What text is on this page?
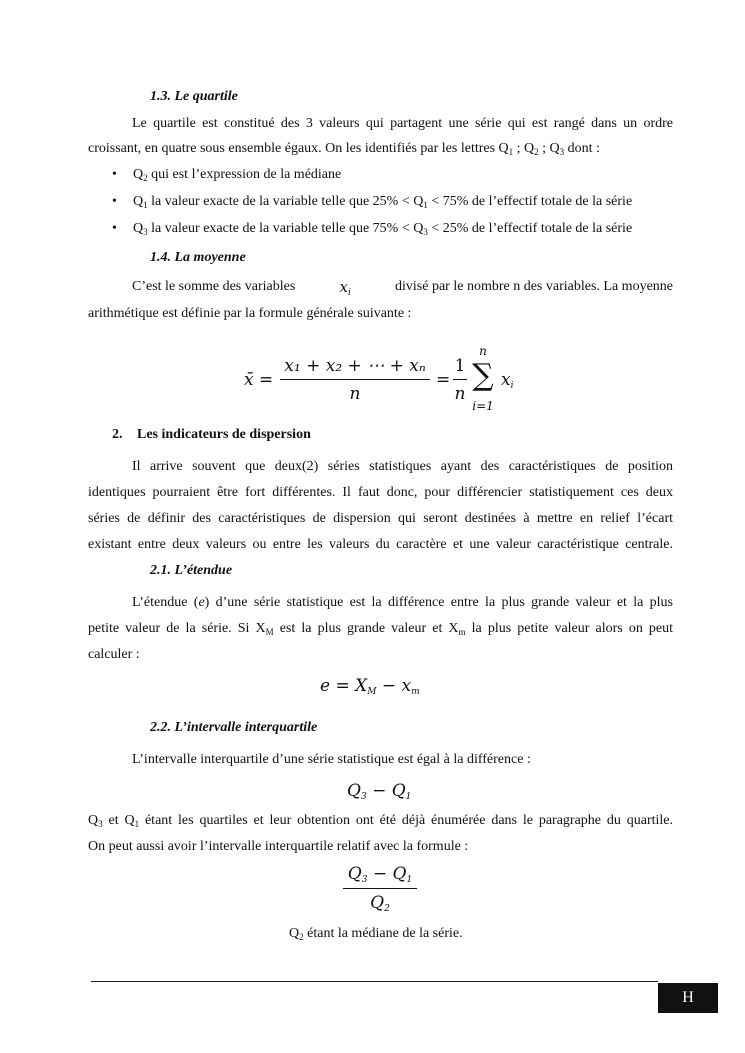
1.3. Le quartile
Le quartile est constitué des 3 valeurs qui partagent une série qui est rangé dans un ordre
croissant, en quatre sous ensemble égaux. On les identifiés par les lettres $Q_1$ ; $Q_2$ ; $Q_3$ dont :
• $Q_2$ qui est l’expression de la médiane
• $Q_1$ la valeur exacte de la variable telle que 25% ˂ $Q_1 < 75\%$ de l’effectif totale de la série
• $Q_3$ la valeur exacte de la variable telle que 75% ˂ $Q_3 < 25\%$ de l’effectif totale de la série
1.4. La moyenne
C’est le somme des variables	$x_i$	divisé par le nombre n des variables. La moyenne
arithmétique est définie par la formule générale suivante :
x̄ =
x₁ + x₂ + ⋯ + xₙ
n
=
1
n
n
∑
i=1
$x_i$
2. Les indicateurs de dispersion
Il arrive souvent que deux(2) séries statistiques ayant des caractéristiques de position
identiques pourraient être fort différentes. Il faut donc, pour différencier statistiquement ces deux
séries de définir des caractéristiques de dispersion qui seront destinées à mettre en relief l’écart
existant entre deux valeurs ou entre les valeurs du caractère et une valeur caractéristique centrale.
2.1. L’étendue
L’étendue (e) d’une série statistique est la différence entre la plus grande valeur et la plus
petite valeur de la série. Si $X_M$ est la plus grande valeur et $X_m$ la plus petite valeur alors on peut
calculer :
$e = X_M - x_m$
2.2. L’intervalle interquartile
L’intervalle interquartile d’une série statistique est égal à la différence :
$Q_3 - Q_1$
$Q_3$ et $Q_1$ étant les quartiles et leur obtention ont été déjà énumérée dans le paragraphe du quartile.
On peut aussi avoir l’intervalle interquartile relatif avec la formule :
$Q_3 - Q_1$
$Q_2$
$Q_2$ étant la médiane de la série.
H
